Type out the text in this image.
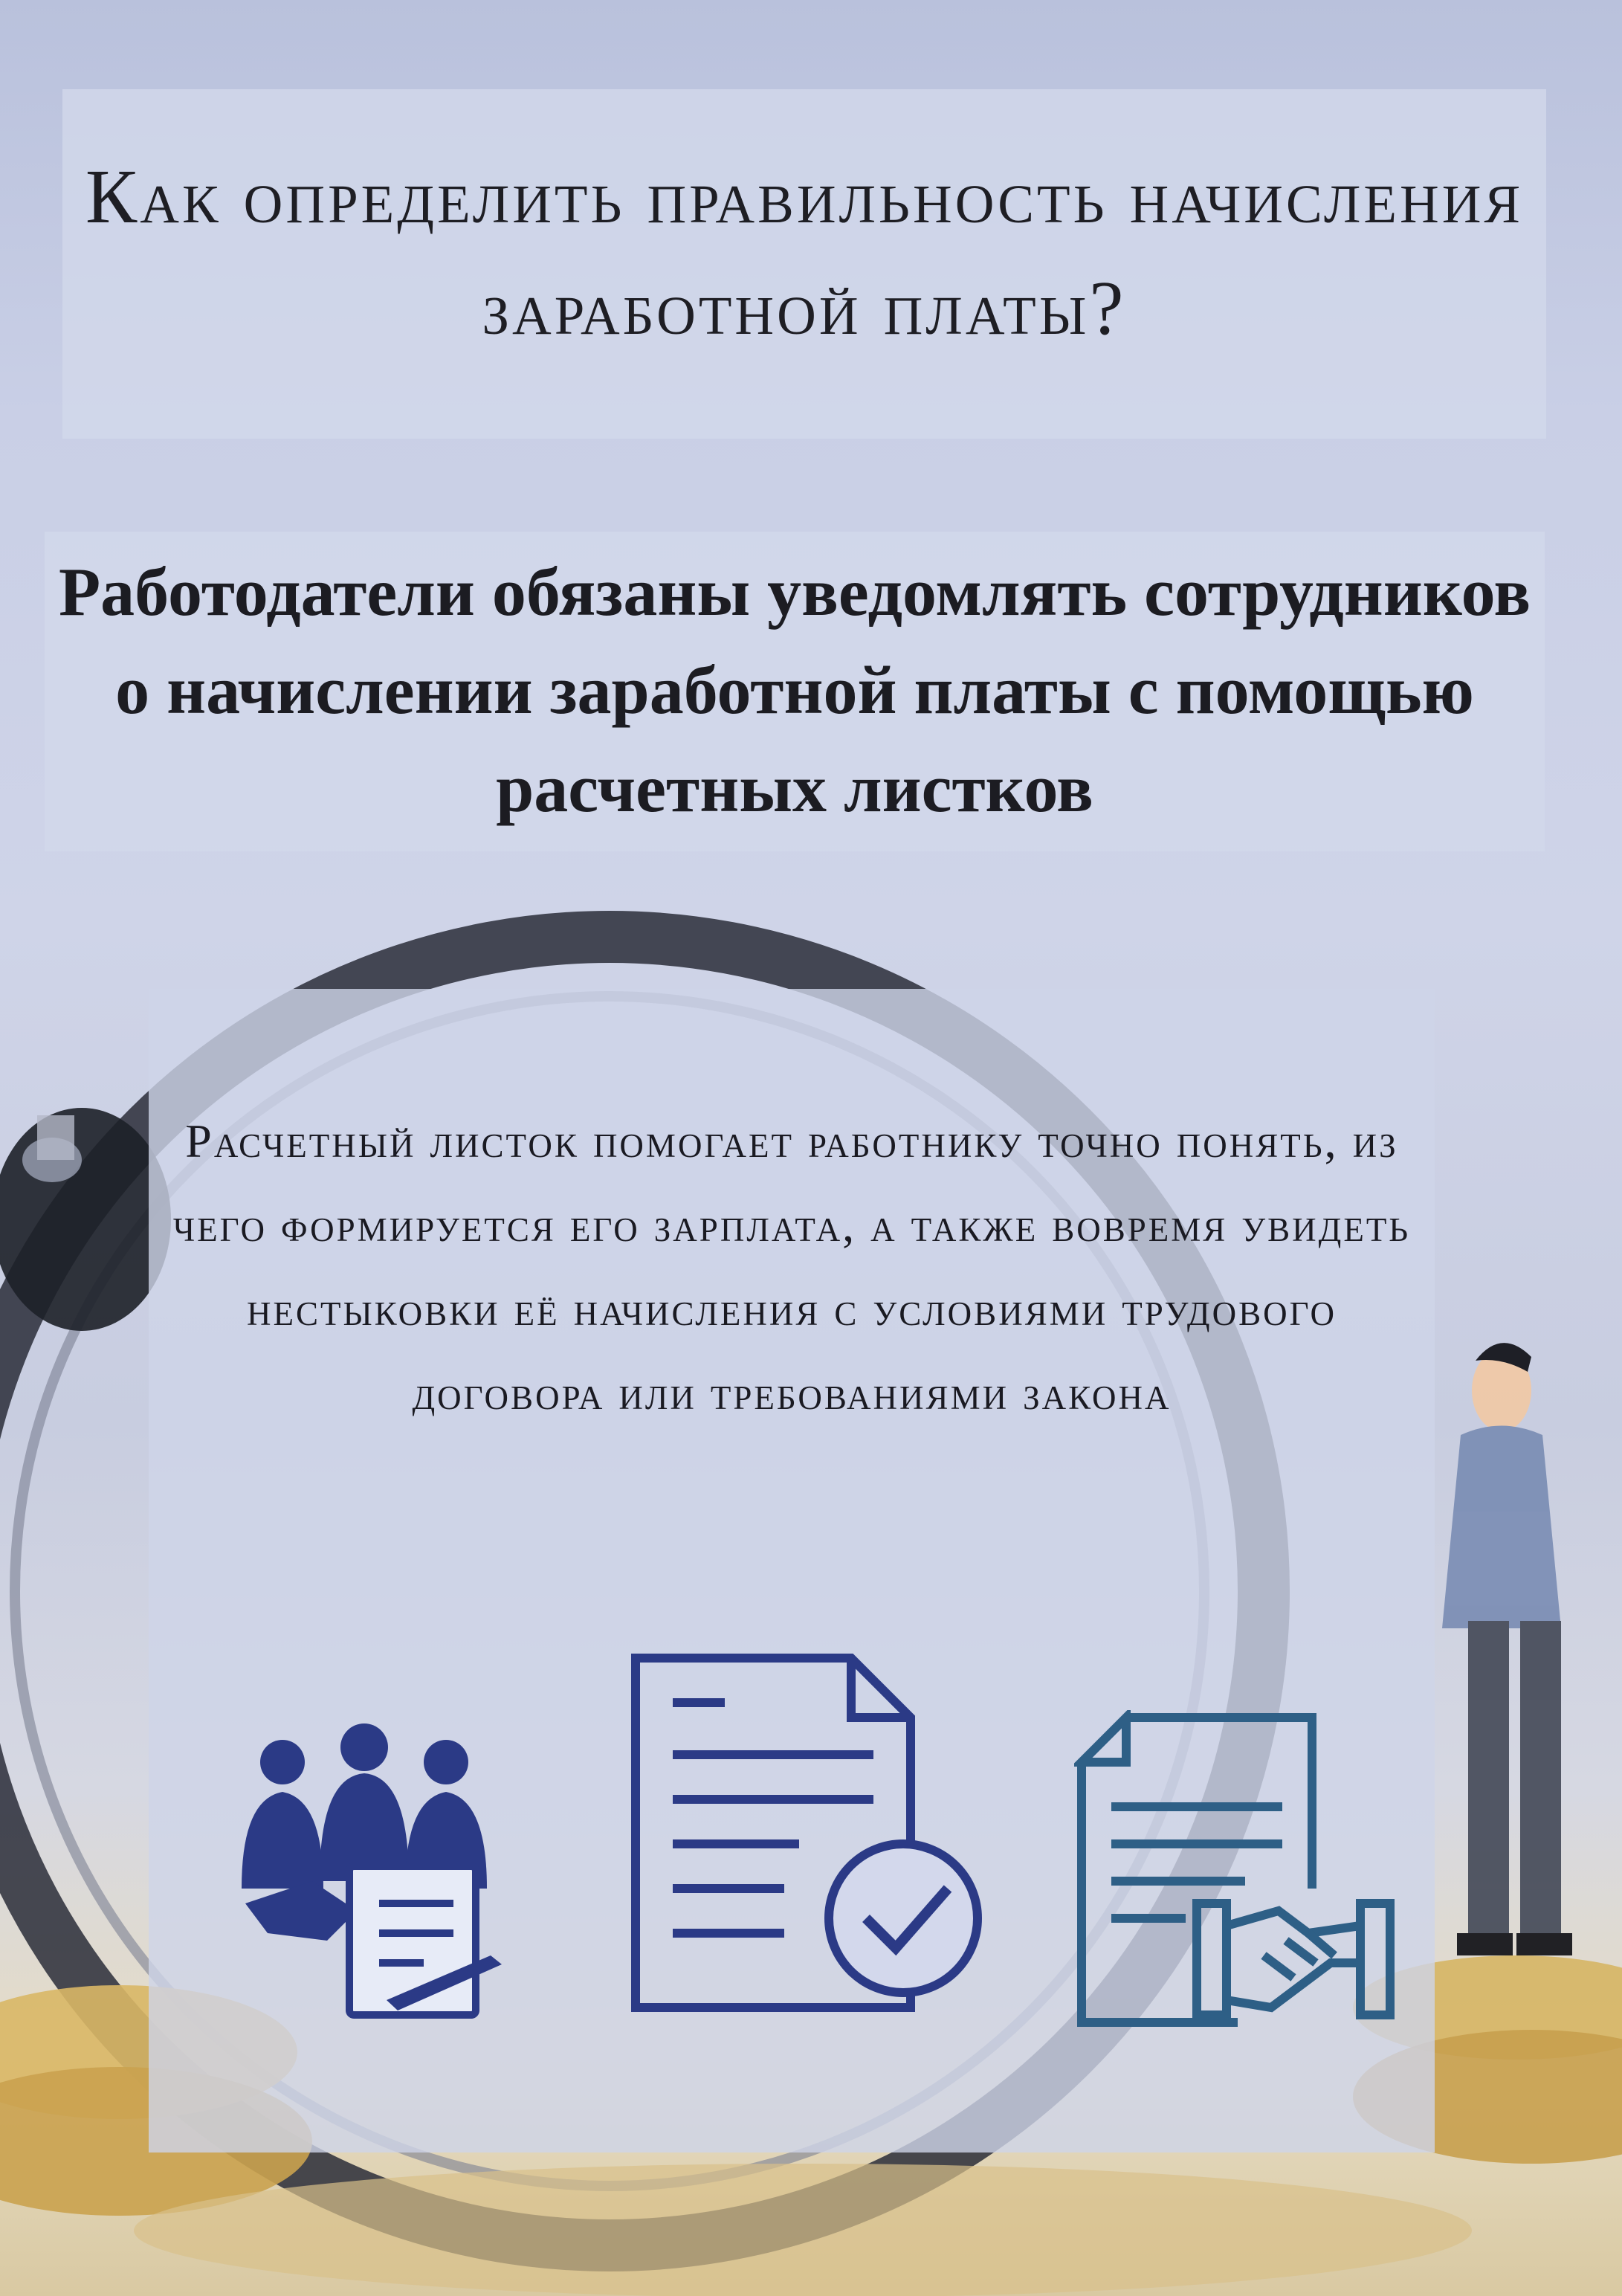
Как определить правильность начисления заработной платы?

Работодатели обязаны уведомлять сотрудников о начислении заработной платы с помощью расчетных листков

Расчетный листок помогает работнику точно понять, из чего формируется его зарплата, а также вовремя увидеть нестыковки её начисления с условиями трудового договора или требованиями закона
